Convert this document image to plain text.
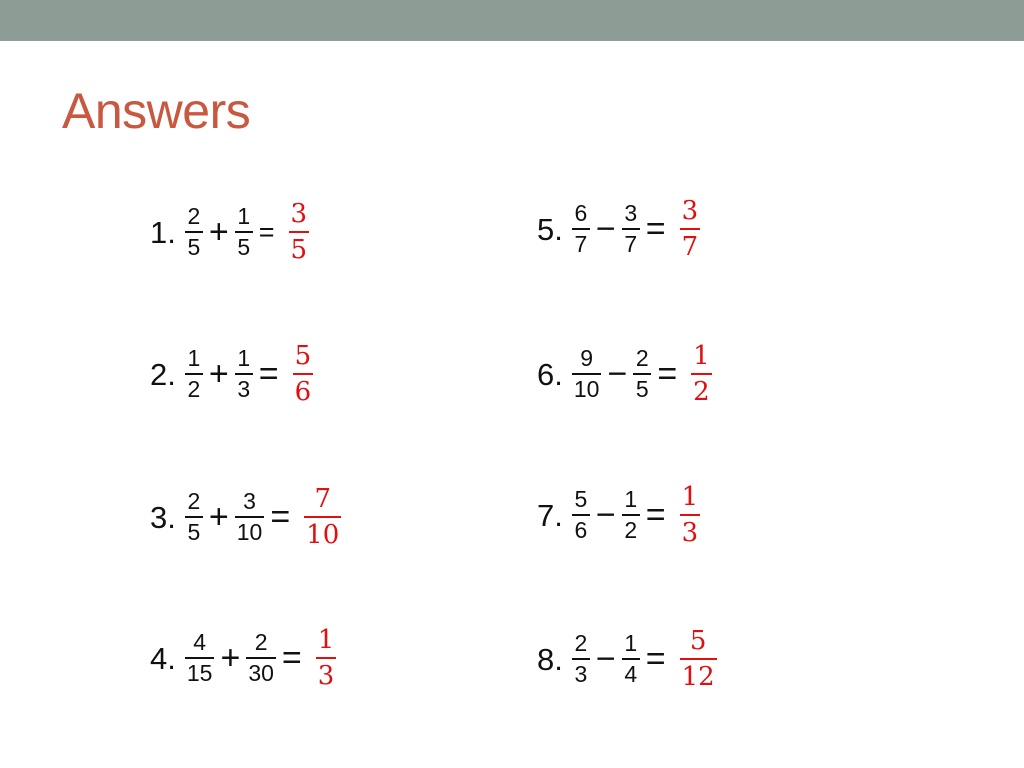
Answers
1. $\frac{2}{5} + \frac{1}{5} = \frac{3}{5}$
2. $\frac{1}{2} + \frac{1}{3} = \frac{5}{6}$
3. $\frac{2}{5} + \frac{3}{10} = \frac{7}{10}$
4. $\frac{4}{15} + \frac{2}{30} = \frac{1}{3}$
5. $\frac{6}{7} - \frac{3}{7} = \frac{3}{7}$
6. $\frac{9}{10} - \frac{2}{5} = \frac{1}{2}$
7. $\frac{5}{6} - \frac{1}{2} = \frac{1}{3}$
8. $\frac{2}{3} - \frac{1}{4} = \frac{5}{12}$
